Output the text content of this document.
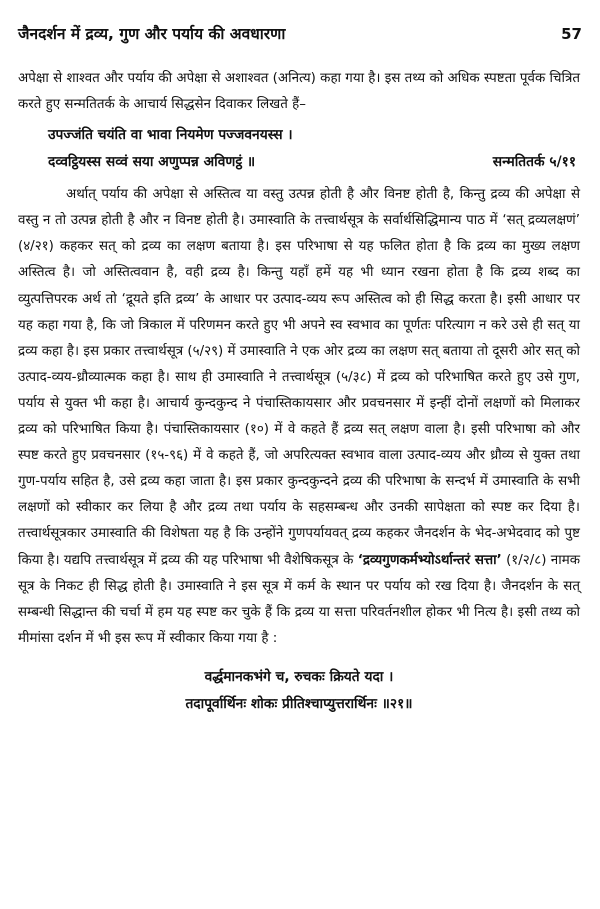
जैनदर्शन में द्रव्य, गुण और पर्याय की अवधारणा	57

अपेक्षा से शाश्वत और पर्याय की अपेक्षा से अशाश्वत (अनित्य) कहा गया है। इस तथ्य को अधिक स्पष्टता पूर्वक चित्रित करते हुए सन्मतितर्क के आचार्य सिद्धसेन दिवाकर लिखते हैं–

उपज्जंति चयंति वा भावा नियमेण पज्जवनयस्स ।
दव्वट्ठियस्स सव्वं सया अणुप्पन्न अविणट्ठं ॥	सन्मतितर्क ५/११

अर्थात् पर्याय की अपेक्षा से अस्तित्व या वस्तु उत्पन्न होती है और विनष्ट होती है, किन्तु द्रव्य की अपेक्षा से वस्तु न तो उत्पन्न होती है और न विनष्ट होती है। उमास्वाति के तत्त्वार्थसूत्र के सर्वार्थसिद्धिमान्य पाठ में ‘सत् द्रव्यलक्षणं’ (४/२१) कहकर सत् को द्रव्य का लक्षण बताया है। इस परिभाषा से यह फलित होता है कि द्रव्य का मुख्य लक्षण अस्तित्व है। जो अस्तित्ववान है, वही द्रव्य है। किन्तु यहाँ हमें यह भी ध्यान रखना होता है कि द्रव्य शब्द का व्युत्पत्तिपरक अर्थ तो ‘द्रूयते इति द्रव्य’ के आधार पर उत्पाद-व्यय रूप अस्तित्व को ही सिद्ध करता है। इसी आधार पर यह कहा गया है, कि जो त्रिकाल में परिणमन करते हुए भी अपने स्व स्वभाव का पूर्णतः परित्याग न करे उसे ही सत् या द्रव्य कहा है। इस प्रकार तत्त्वार्थसूत्र (५/२९) में उमास्वाति ने एक ओर द्रव्य का लक्षण सत् बताया तो दूसरी ओर सत् को उत्पाद-व्यय-ध्रौव्यात्मक कहा है। साथ ही उमास्वाति ने तत्त्वार्थसूत्र (५/३८) में द्रव्य को परिभाषित करते हुए उसे गुण, पर्याय से युक्त भी कहा है। आचार्य कुन्दकुन्द ने पंचास्तिकायसार और प्रवचनसार में इन्हीं दोनों लक्षणों को मिलाकर द्रव्य को परिभाषित किया है। पंचास्तिकायसार (१०) में वे कहते हैं द्रव्य सत् लक्षण वाला है। इसी परिभाषा को और स्पष्ट करते हुए प्रवचनसार (१५-९६) में वे कहते हैं, जो अपरित्यक्त स्वभाव वाला उत्पाद-व्यय और ध्रौव्य से युक्त तथा गुण-पर्याय सहित है, उसे द्रव्य कहा जाता है। इस प्रकार कुन्दकुन्दने द्रव्य की परिभाषा के सन्दर्भ में उमास्वाति के सभी लक्षणों को स्वीकार कर लिया है और द्रव्य तथा पर्याय के सहसम्बन्ध और उनकी सापेक्षता को स्पष्ट कर दिया है। तत्त्वार्थसूत्रकार उमास्वाति की विशेषता यह है कि उन्होंने गुणपर्यायवत् द्रव्य कहकर जैनदर्शन के भेद-अभेदवाद को पुष्ट किया है। यद्यपि तत्त्वार्थसूत्र में द्रव्य की यह परिभाषा भी वैशेषिकसूत्र के ‘द्रव्यगुणकर्मभ्योऽर्थान्तरं सत्ता’ (१/२/८) नामक सूत्र के निकट ही सिद्ध होती है। उमास्वाति ने इस सूत्र में कर्म के स्थान पर पर्याय को रख दिया है। जैनदर्शन के सत् सम्बन्धी सिद्धान्त की चर्चा में हम यह स्पष्ट कर चुके हैं कि द्रव्य या सत्ता परिवर्तनशील होकर भी नित्य है। इसी तथ्य को मीमांसा दर्शन में भी इस रूप में स्वीकार किया गया है :

वर्द्धमानकभंगे च, रुचकः क्रियते यदा ।
तदापूर्वार्थिनः शोकः प्रीतिश्चाप्युत्तरार्थिनः ॥२१॥
